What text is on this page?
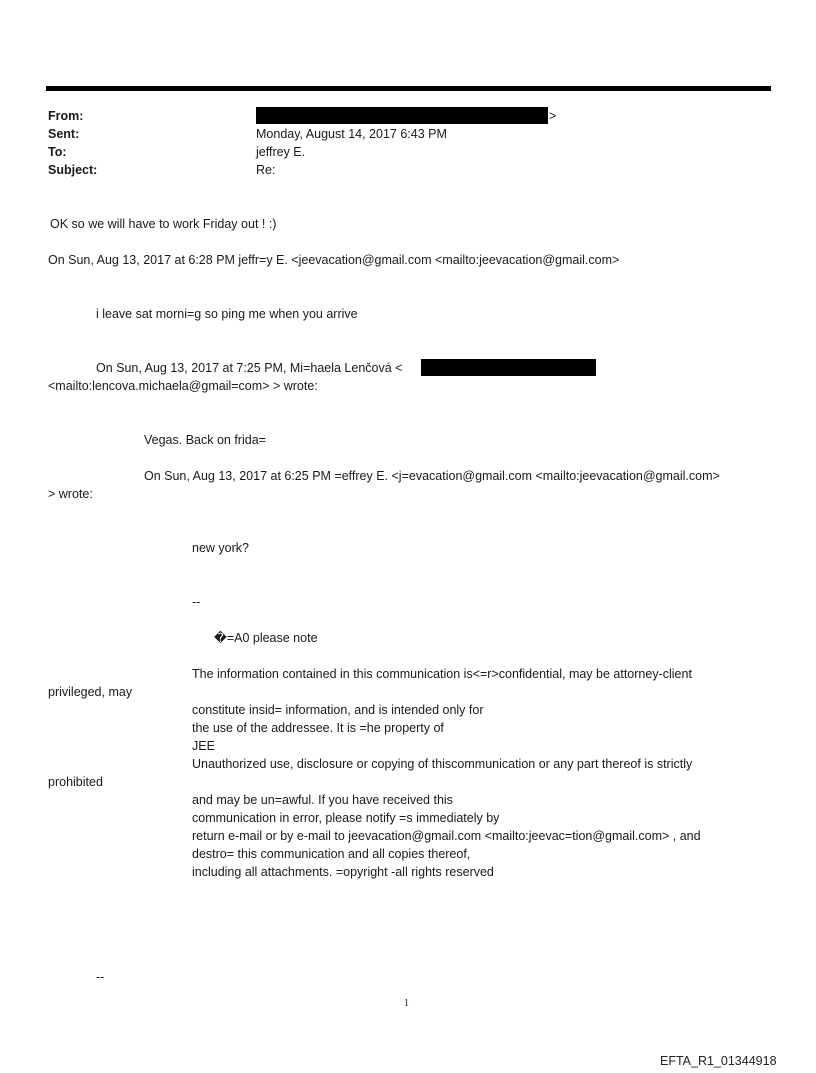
From:	>
Sent:	Monday, August 14, 2017 6:43 PM
To:	jeffrey E.
Subject:	Re:
OK so we will have to work Friday out ! :)
On Sun, Aug 13, 2017 at 6:28 PM jeffr=y E. <jeevacation@gmail.com <mailto:jeevacation@gmail.com>
i leave sat morni=g so ping me when you arrive
On Sun, Aug 13, 2017 at 7:25 PM, Mi=haela Lenčová <
<mailto:lencova.michaela@gmail=com> > wrote:
Vegas. Back on frida=
On Sun, Aug 13, 2017 at 6:25 PM =effrey E. <j=evacation@gmail.com <mailto:jeevacation@gmail.com>
> wrote:
new york?
--
�=A0 please note
The information contained in this communication is<=r>confidential, may be attorney-client
privileged, may
constitute insid= information, and is intended only for
the use of the addressee. It is =he property of
JEE
Unauthorized use, disclosure or copying of thiscommunication or any part thereof is strictly
prohibited
and may be un=awful. If you have received this
communication in error, please notify =s immediately by
return e-mail or by e-mail to jeevacation@gmail.com <mailto:jeevac=tion@gmail.com> , and
destro= this communication and all copies thereof,
including all attachments. =opyright -all rights reserved
--
1
EFTA_R1_01344918
